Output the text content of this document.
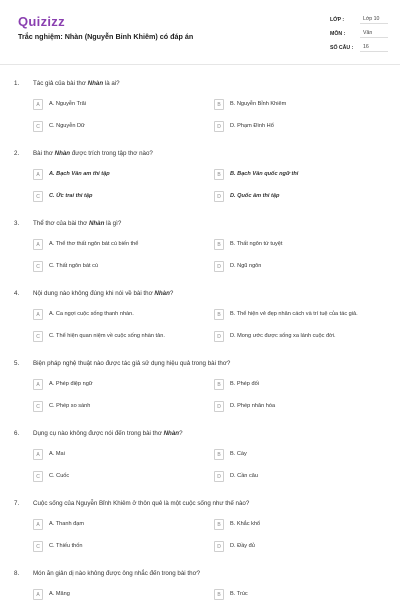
Quizizz
Trắc nghiệm: Nhàn (Nguyễn Bỉnh Khiêm) có đáp án
LỚP :	Lớp 10
MÔN :	Văn
SỐ CÂU :	16
1. Tác giả của bài thơ Nhàn là ai?
A	A. Nguyễn Trãi	B	B. Nguyễn Bỉnh Khiêm
C	C. Nguyễn Dữ	D	D. Phạm Đình Hổ
2. Bài thơ Nhàn được trích trong tập thơ nào?
A	A. Bạch Vân am thi tập	B	B. Bạch Vân quốc ngữ thi
C	C. Ức trai thi tập	D	D. Quốc âm thi tập
3. Thể thơ của bài thơ Nhàn là gì?
A	A. Thể thơ thất ngôn bát cú biến thể	B	B. Thất ngôn tứ tuyệt
C	C. Thất ngôn bát cú	D	D. Ngũ ngôn
4. Nội dung nào không đúng khi nói về bài thơ Nhàn?
A	A. Ca ngợi cuộc sống thanh nhàn.	B	B. Thể hiện vẻ đẹp nhân cách và trí tuệ của tác giả.
C	C. Thể hiện quan niệm về cuộc sống nhàn tản.	D	D. Mong ước được sống xa lánh cuộc đời.
5. Biện pháp nghệ thuật nào được tác giả sử dụng hiệu quả trong bài thơ?
A	A. Phép điệp ngữ	B	B. Phép đối
C	C. Phép so sánh	D	D. Phép nhân hóa
6. Dụng cụ nào không được nói đến trong bài thơ Nhàn?
A	A. Mai	B	B. Cày
C	C. Cuốc	D	D. Cần câu
7. Cuộc sống của Nguyễn Bỉnh Khiêm ở thôn quê là một cuộc sống như thế nào?
A	A. Thanh đạm	B	B. Khắc khổ
C	C. Thiếu thốn	D	D. Đầy đủ
8. Món ăn giản dị nào không được ông nhắc đến trong bài thơ?
A	A. Măng	B	B. Trúc
